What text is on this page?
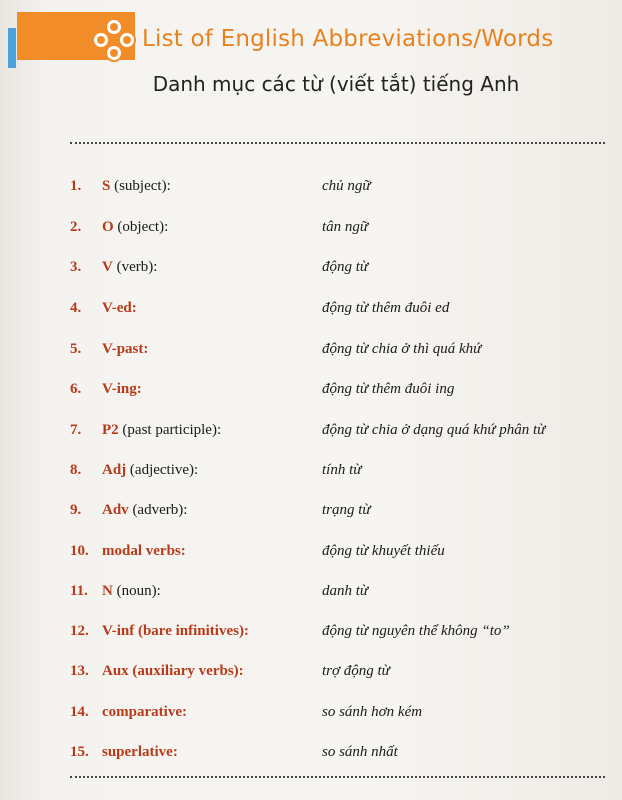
List of English Abbreviations/Words
Danh mục các từ (viết tắt) tiếng Anh
1.	S (subject):	chủ ngữ
2.	O (object):	tân ngữ
3.	V (verb):	động từ
4.	V-ed:	động từ thêm đuôi ed
5.	V-past:	động từ chia ở thì quá khứ
6.	V-ing:	động từ thêm đuôi ing
7.	P2 (past participle):	động từ chia ở dạng quá khứ phân từ
8.	Adj (adjective):	tính từ
9.	Adv (adverb):	trạng từ
10. modal verbs:	động từ khuyết thiếu
11. N (noun):	danh từ
12. V-inf (bare infinitives):	động từ nguyên thể không “to”
13. Aux (auxiliary verbs):	trợ động từ
14. comparative:	so sánh hơn kém
15. superlative:	so sánh nhất
